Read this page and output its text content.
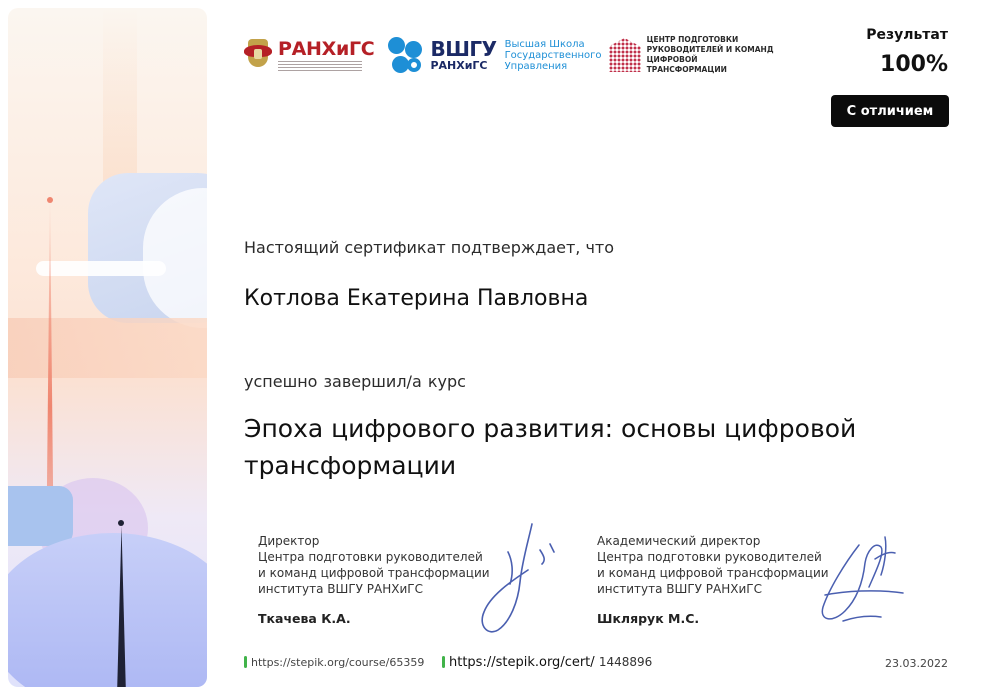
РАНХиГС	ВШГУ
РАНХиГС
Высшая Школа
Государственного
Управления
ЦЕНТР ПОДГОТОВКИ
РУКОВОДИТЕЛЕЙ И КОМАНД
ЦИФРОВОЙ ТРАНСФОРМАЦИИ
Результат
100%
С отличием
Настоящий сертификат подтверждает, что
Котлова Екатерина Павловна
успешно завершил/а курс
Эпоха цифрового развития: основы цифровой
трансформации
Директор
Центра подготовки руководителей
и команд цифровой трансформации
института ВШГУ РАНХиГС
Ткачева К.А.
Академический директор
Центра подготовки руководителей
и команд цифровой трансформации
института ВШГУ РАНХиГС
Шклярук М.С.
https://stepik.org/course/65359	https://stepik.org/cert/ 1448896	23.03.2022
